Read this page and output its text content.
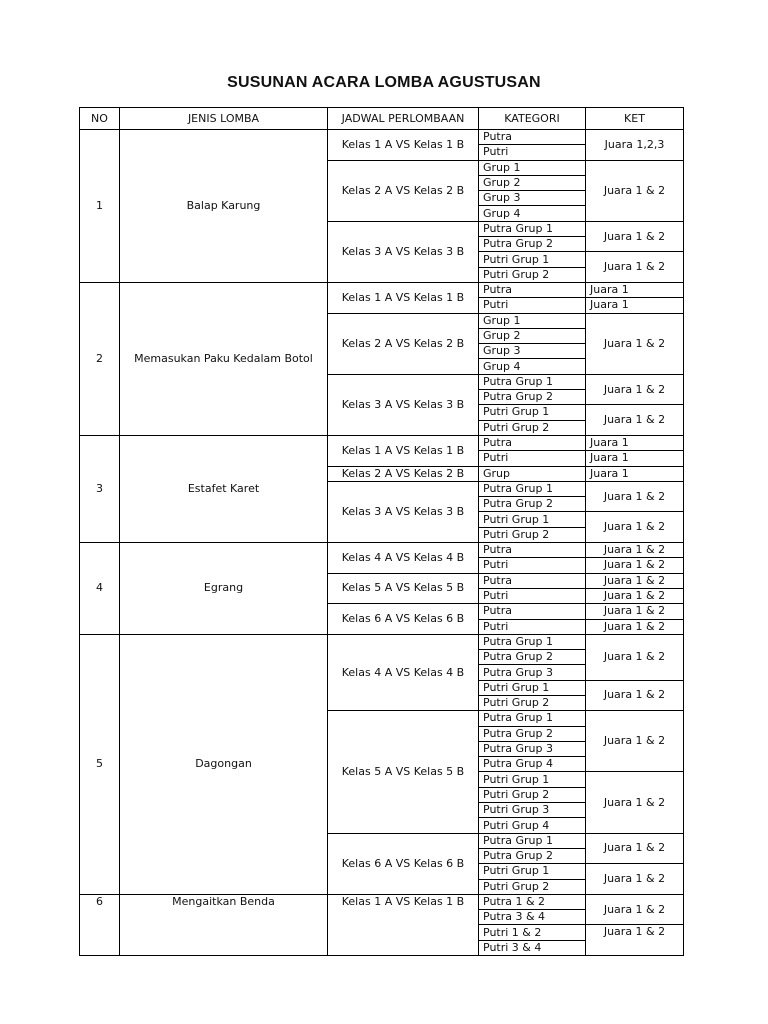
SUSUNAN ACARA LOMBA AGUSTUSAN
NO	JENIS LOMBA	JADWAL PERLOMBAAN	KATEGORI	KET
1	Balap Karung	Kelas 1 A VS Kelas 1 B	Putra	Juara 1,2,3
			Putri	
		Kelas 2 A VS Kelas 2 B	Grup 1	Juara 1 & 2
			Grup 2	
			Grup 3	
			Grup 4	
		Kelas 3 A VS Kelas 3 B	Putra Grup 1	Juara 1 & 2
			Putra Grup 2	
			Putri Grup 1	Juara 1 & 2
			Putri Grup 2	
2	Memasukan Paku Kedalam Botol	Kelas 1 A VS Kelas 1 B	Putra	Juara 1
			Putri	Juara 1
		Kelas 2 A VS Kelas 2 B	Grup 1	Juara 1 & 2
			Grup 2	
			Grup 3	
			Grup 4	
		Kelas 3 A VS Kelas 3 B	Putra Grup 1	Juara 1 & 2
			Putra Grup 2	
			Putri Grup 1	Juara 1 & 2
			Putri Grup 2	
3	Estafet Karet	Kelas 1 A VS Kelas 1 B	Putra	Juara 1
			Putri	Juara 1
		Kelas 2 A VS Kelas 2 B	Grup	Juara 1
		Kelas 3 A VS Kelas 3 B	Putra Grup 1	Juara 1 & 2
			Putra Grup 2	
			Putri Grup 1	Juara 1 & 2
			Putri Grup 2	
4	Egrang	Kelas 4 A VS Kelas 4 B	Putra	Juara 1 & 2
			Putri	Juara 1 & 2
		Kelas 5 A VS Kelas 5 B	Putra	Juara 1 & 2
			Putri	Juara 1 & 2
		Kelas 6 A VS Kelas 6 B	Putra	Juara 1 & 2
			Putri	Juara 1 & 2
5	Dagongan	Kelas 4 A VS Kelas 4 B	Putra Grup 1	Juara 1 & 2
			Putra Grup 2	
			Putra Grup 3	
			Putri Grup 1	Juara 1 & 2
			Putri Grup 2	
		Kelas 5 A VS Kelas 5 B	Putra Grup 1	Juara 1 & 2
			Putra Grup 2	
			Putra Grup 3	
			Putra Grup 4	
			Putri Grup 1	Juara 1 & 2
			Putri Grup 2	
			Putri Grup 3	
			Putri Grup 4	
		Kelas 6 A VS Kelas 6 B	Putra Grup 1	Juara 1 & 2
			Putra Grup 2	
			Putri Grup 1	Juara 1 & 2
			Putri Grup 2	
6	Mengaitkan Benda	Kelas 1 A VS Kelas 1 B	Putra 1 & 2	Juara 1 & 2
			Putra 3 & 4	
			Putri 1 & 2	Juara 1 & 2
			Putri 3 & 4	
